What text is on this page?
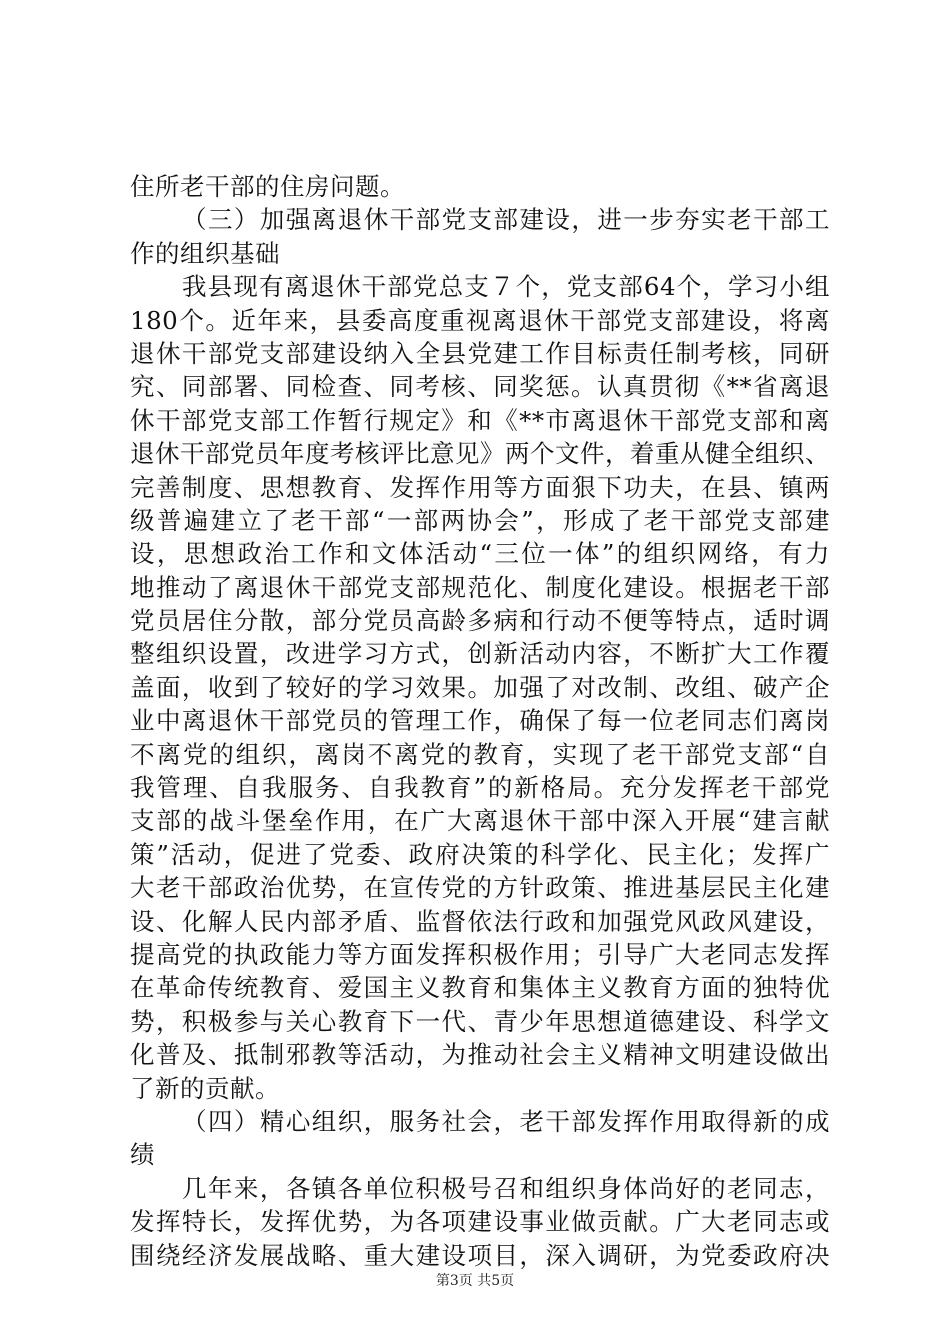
住所老干部的住房问题。
（三）加强离退休干部党支部建设，进一步夯实老干部工
作的组织基础
我县现有离退休干部党总支７个，党支部64个，学习小组
180个。近年来，县委高度重视离退休干部党支部建设，将离
退休干部党支部建设纳入全县党建工作目标责任制考核，同研
究、同部署、同检查、同考核、同奖惩。认真贯彻《**省离退
休干部党支部工作暂行规定》和《**市离退休干部党支部和离
退休干部党员年度考核评比意见》两个文件，着重从健全组织、
完善制度、思想教育、发挥作用等方面狠下功夫，在县、镇两
级普遍建立了老干部“一部两协会”，形成了老干部党支部建
设，思想政治工作和文体活动“三位一体”的组织网络，有力
地推动了离退休干部党支部规范化、制度化建设。根据老干部
党员居住分散，部分党员高龄多病和行动不便等特点，适时调
整组织设置，改进学习方式，创新活动内容，不断扩大工作覆
盖面，收到了较好的学习效果。加强了对改制、改组、破产企
业中离退休干部党员的管理工作，确保了每一位老同志们离岗
不离党的组织，离岗不离党的教育，实现了老干部党支部“自
我管理、自我服务、自我教育”的新格局。充分发挥老干部党
支部的战斗堡垒作用，在广大离退休干部中深入开展“建言献
策”活动，促进了党委、政府决策的科学化、民主化；发挥广
大老干部政治优势，在宣传党的方针政策、推进基层民主化建
设、化解人民内部矛盾、监督依法行政和加强党风政风建设，
提高党的执政能力等方面发挥积极作用；引导广大老同志发挥
在革命传统教育、爱国主义教育和集体主义教育方面的独特优
势，积极参与关心教育下一代、青少年思想道德建设、科学文
化普及、抵制邪教等活动，为推动社会主义精神文明建设做出
了新的贡献。
（四）精心组织，服务社会，老干部发挥作用取得新的成
绩
几年来，各镇各单位积极号召和组织身体尚好的老同志，
发挥特长，发挥优势，为各项建设事业做贡献。广大老同志或
围绕经济发展战略、重大建设项目，深入调研，为党委政府决
第3页 共5页
